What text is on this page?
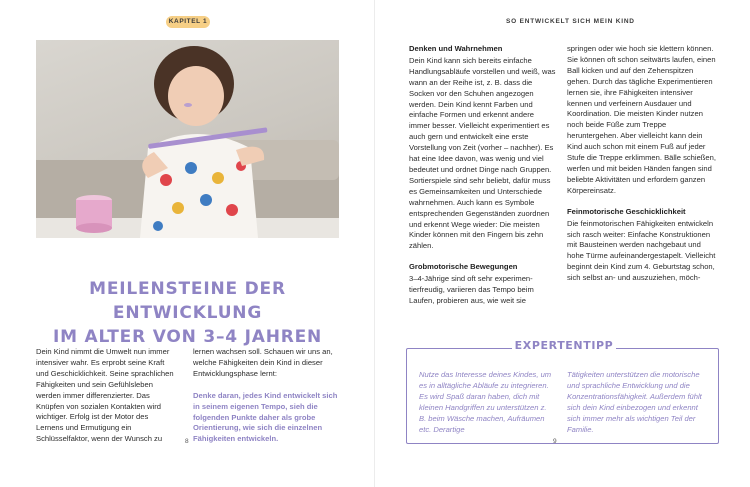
KAPITEL 1
MEILENSTEINE DER ENTWICKLUNG
IM ALTER VON 3–4 JAHREN
Dein Kind nimmt die Umwelt nun immer intensiver wahr. Es erprobt seine Kraft und Geschicklichkeit. Seine sprachlichen Fähigkeiten und sein Gefühlsleben werden immer differenzierter. Das Knüpfen von sozialen Kontakten wird wichtiger. Erfolg ist der Motor des Lernens und Ermutigung ein Schlüsselfaktor, wenn der Wunsch zu
lernen wachsen soll. Schauen wir uns an, welche Fähigkeiten dein Kind in dieser Entwicklungsphase lernt:
Denke daran, jedes Kind entwickelt sich in seinem eigenen Tempo, sieh die folgenden Punkte daher als grobe Orientierung, wie sich die einzelnen Fähigkeiten entwickeln.
8
SO ENTWICKELT SICH MEIN KIND
Denken und Wahrnehmen
Dein Kind kann sich bereits einfache Handlungsabläufe vorstellen und weiß, was wann an der Reihe ist, z. B. dass die Socken vor den Schuhen angezogen werden. Dein Kind kennt Farben und einfache Formen und erkennt andere immer besser. Vielleicht experimentiert es auch gern und entwickelt eine erste Vorstellung von Zeit (vorher – nachher). Es hat eine Idee davon, was wenig und viel bedeutet und ordnet Dinge nach Gruppen. Sortierspiele sind sehr beliebt, dafür muss es Gemeinsamkeiten und Unterschiede wahrnehmen. Auch kann es Symbole entsprechenden Gegenständen zuordnen und erkennt Wege wieder: Die meisten Kinder können mit den Fingern bis zehn zählen.
Grobmotorische Bewegungen
3–4-Jährige sind oft sehr experimentierfreudig, variieren das Tempo beim Laufen, probieren aus, wie weit sie
springen oder wie hoch sie klettern können. Sie können oft schon seitwärts laufen, einen Ball kicken und auf den Zehenspitzen gehen. Durch das tägliche Experimentieren lernen sie, ihre Fähigkeiten intensiver kennen und verfeinern Ausdauer und Koordination. Die meisten Kinder nutzen noch beide Füße zum Treppe heruntergehen. Aber vielleicht kann dein Kind auch schon mit einem Fuß auf jeder Stufe die Treppe erklimmen. Bälle schießen, werfen und mit beiden Händen fangen sind beliebte Aktivitäten und erfordern ganzen Körpereinsatz.
Feinmotorische Geschicklichkeit
Die feinmotorischen Fähigkeiten entwickeln sich rasch weiter: Einfache Konstruktionen mit Bausteinen werden nachgebaut und hohe Türme aufeinandergestapelt. Vielleicht beginnt dein Kind zum 4. Geburtstag schon, sich selbst an- und auszuziehen, möch-
EXPERTENTIPP
Nutze das Interesse deines Kindes, um es in alltägliche Abläufe zu integrieren. Es wird Spaß daran haben, dich mit kleinen Handgriffen zu unterstützen z. B. beim Wäsche machen, Aufräumen etc. Derartige
Tätigkeiten unterstützen die motorische und sprachliche Entwicklung und die Konzentrationsfähigkeit. Außerdem fühlt sich dein Kind einbezogen und erkennt sich immer mehr als wichtigen Teil der Familie.
9
